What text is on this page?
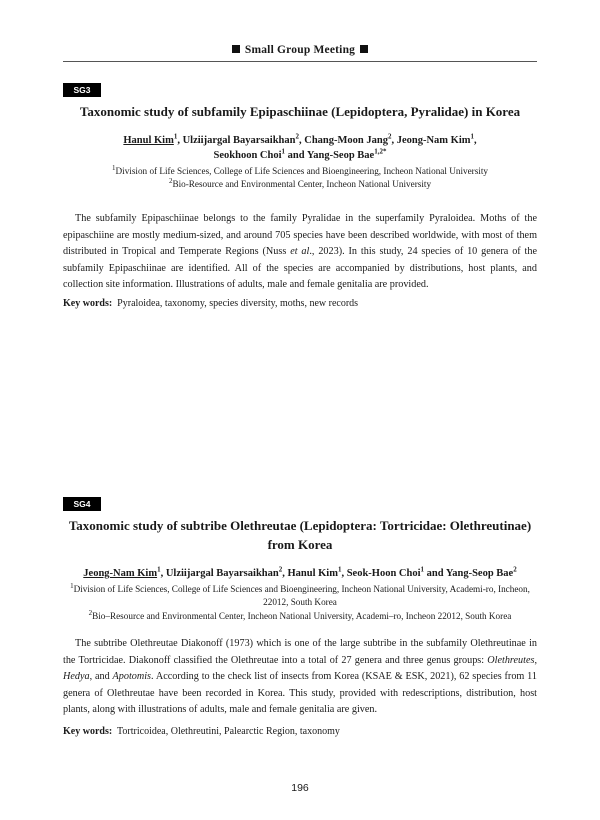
Small Group Meeting
SG3
Taxonomic study of subfamily Epipaschiinae (Lepidoptera, Pyralidae) in Korea
Hanul Kim$^1$, Ulziijargal Bayarsaikhan$^2$, Chang-Moon Jang$^2$, Jeong-Nam Kim$^1$,
Seokhoon Choi$^1$ and Yang-Seop Bae$^{1,2*}$
$^1$Division of Life Sciences, College of Life Sciences and Bioengineering, Incheon National University
$^2$Bio-Resource and Environmental Center, Incheon National University

The subfamily Epipaschiinae belongs to the family Pyralidae in the superfamily Pyraloidea. Moths of the epipaschiine are mostly medium-sized, and around 705 species have been described worldwide, with most of them distributed in Tropical and Temperate Regions (Nuss et al., 2023). In this study, 24 species of 10 genera of the subfamily Epipaschiinae are identified. All of the species are accompanied by distributions, host plants, and collection site information. Illustrations of adults, male and female genitalia are provided.

Key words: Pyraloidea, taxonomy, species diversity, moths, new records
SG4
Taxonomic study of subtribe Olethreutae (Lepidoptera: Tortricidae: Olethreutinae)
from Korea
Jeong-Nam Kim$^1$, Ulziijargal Bayarsaikhan$^2$, Hanul Kim$^1$, Seok-Hoon Choi$^1$ and Yang-Seop Bae$^2$
$^1$Division of Life Sciences, College of Life Sciences and Bioengineering, Incheon National University, Academi-ro, Incheon, 22012, South Korea
$^2$Bio–Resource and Environmental Center, Incheon National University, Academi–ro, Incheon 22012, South Korea

The subtribe Olethreutae Diakonoff (1973) which is one of the large subtribe in the subfamily Olethreutinae in the Tortricidae. Diakonoff classified the Olethreutae into a total of 27 genera and three genus groups: Olethreutes, Hedya, and Apotomis. According to the check list of insects from Korea (KSAE & ESK, 2021), 62 species from 11 genera of Olethreutae have been recorded in Korea. This study, provided with redescriptions, distribution, host plants, along with illustrations of adults, male and female genitalia are given.

Key words: Tortricoidea, Olethreutini, Palearctic Region, taxonomy
196
